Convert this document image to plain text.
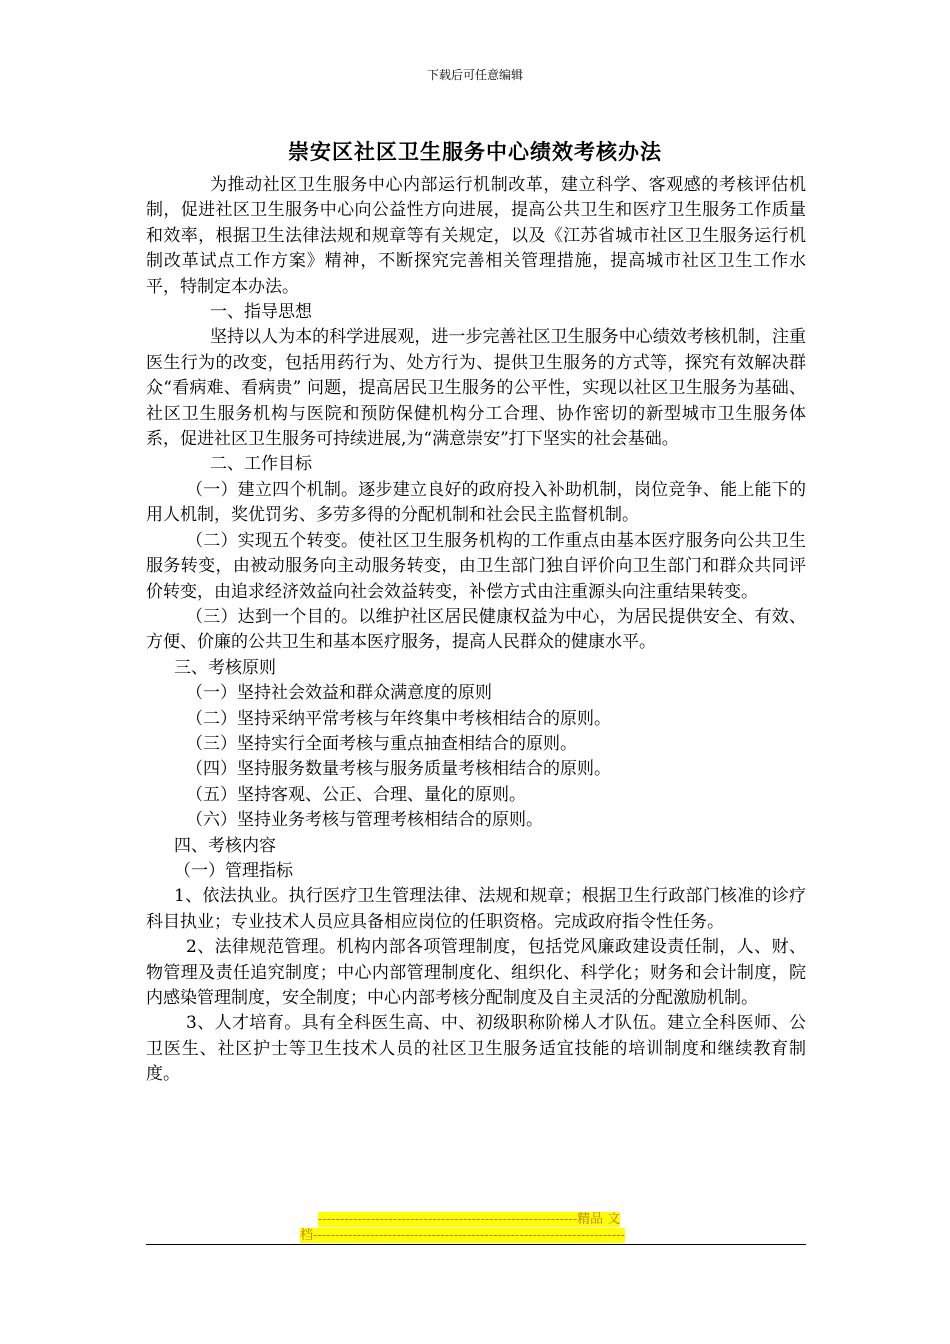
下载后可任意编辑
崇安区社区卫生服务中心绩效考核办法

为推动社区卫生服务中心内部运行机制改革，建立科学、客观感的考核评估机制，促进社区卫生服务中心向公益性方向进展，提高公共卫生和医疗卫生服务工作质量和效率，根据卫生法律法规和规章等有关规定，以及《江苏省城市社区卫生服务运行机制改革试点工作方案》精神，不断探究完善相关管理措施，提高城市社区卫生工作水平，特制定本办法。

一、指导思想

坚持以人为本的科学进展观，进一步完善社区卫生服务中心绩效考核机制，注重医生行为的改变，包括用药行为、处方行为、提供卫生服务的方式等，探究有效解决群众“看病难、看病贵” 问题，提高居民卫生服务的公平性，实现以社区卫生服务为基础、社区卫生服务机构与医院和预防保健机构分工合理、协作密切的新型城市卫生服务体系，促进社区卫生服务可持续进展,为“满意崇安”打下坚实的社会基础。

二、工作目标

（一）建立四个机制。逐步建立良好的政府投入补助机制，岗位竞争、能上能下的用人机制，奖优罚劣、多劳多得的分配机制和社会民主监督机制。

（二）实现五个转变。使社区卫生服务机构的工作重点由基本医疗服务向公共卫生服务转变，由被动服务向主动服务转变，由卫生部门独自评价向卫生部门和群众共同评价转变，由追求经济效益向社会效益转变，补偿方式由注重源头向注重结果转变。

（三）达到一个目的。以维护社区居民健康权益为中心，为居民提供安全、有效、方便、价廉的公共卫生和基本医疗服务，提高人民群众的健康水平。

三、考核原则

（一）坚持社会效益和群众满意度的原则

（二）坚持采纳平常考核与年终集中考核相结合的原则。

（三）坚持实行全面考核与重点抽查相结合的原则。

（四）坚持服务数量考核与服务质量考核相结合的原则。

（五）坚持客观、公正、合理、量化的原则。

（六）坚持业务考核与管理考核相结合的原则。

四、考核内容

（一）管理指标

1、依法执业。执行医疗卫生管理法律、法规和规章；根据卫生行政部门核准的诊疗科目执业；专业技术人员应具备相应岗位的任职资格。完成政府指令性任务。

2、法律规范管理。机构内部各项管理制度，包括党风廉政建设责任制，人、财、物管理及责任追究制度；中心内部管理制度化、组织化、科学化；财务和会计制度，院内感染管理制度，安全制度；中心内部考核分配制度及自主灵活的分配激励机制。

3、人才培育。具有全科医生高、中、初级职称阶梯人才队伍。建立全科医师、公卫医生、社区护士等卫生技术人员的社区卫生服务适宜技能的培训制度和继续教育制度。

-----------------------------------------------------------精品 文
档-----------------------------------------------------------------------
